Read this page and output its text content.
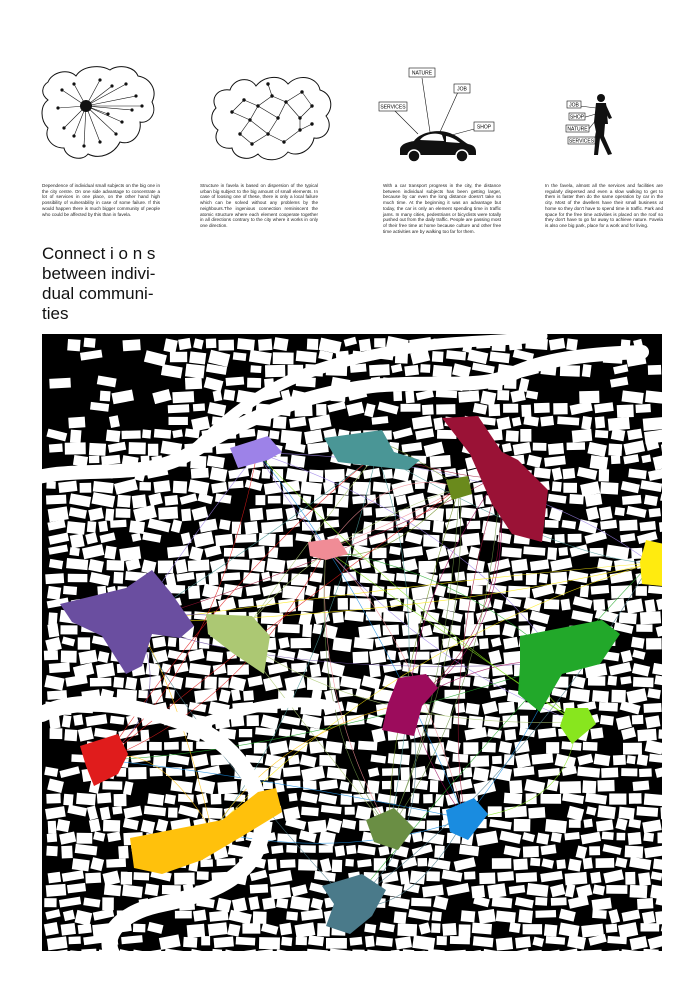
NATURE
JOB
SERVICES
SHOP
JOB
SHOP
NATURE
SERVICES
Dependence of individual small subjects on the big one in the city centre. On one side advantage to concentrate a lot of services in one place, on the other hand high possibility of vulnerability in case of some failure. If this would happen there is much bigger community of people who could be affected by this than in favela.
Structure in favela is based on dispersion of the typical urban big subject to the big amount of small elements. In case of loosing one of these, there is only a local failure which can be solved without any problems by the neighbours.The ingenious connection reminiscent the atomic structure where each element cooperate together in all directions contrary to the city where it works in only one direction.
With a car transport progress in the city, the distance between individual subjects has been getting larger, because by car even the long distance doesn't take so much time. At the beginning it was an advantage but today, the car is only an element spending time in traffic jams. In many cities, pedestrians or bicyclists were totally pushed out from the daily traffic. People are passing most of their free time at home because culture and other free time activities are by walking too far for them.
In the favela, almost all the services and facilities are regularly dispersed and even a slow walking to get to them is faster then do the same operation by car in the city. Most of the dwellers have their small business at home so they don't have to spend time in traffic. Park and space for the free time activities is placed on the roof so they don't have to go far away to achieve nature. Favela is also one big park, place for a work and for living.
Connect i o n s
between indivi-
dual communi-
ties
